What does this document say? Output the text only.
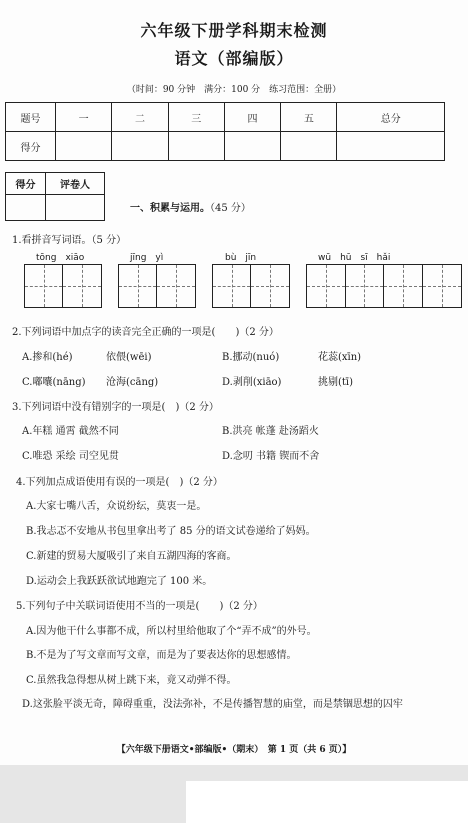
六年级下册学科期末检测
语文（部编版）
（时间：90 分钟　满分：100 分　练习范围：全册）
题号	一	二	三	四	五	总分
得分						
得分	评卷人

一、积累与运用。（45 分）
1.看拼音写词语。（5 分）
tōng　xiāo	jīng　yì	bù　jīn	wū　hū　sī　hǎi
2.下列词语中加点字的读音完全正确的一项是(　　)（2 分）
A.掺和(hé)	依偎(wēi)	B.挪动(nuó)	花蕊(xīn)
C.嘟囔(nāng) 沧海(cāng)	D.剥削(xiāo)	挑剔(tī)
3.下列词语中没有错别字的一项是(　)（2 分）
A.年糕 通霄 截然不同	B.洪亮 帐蓬 赴汤蹈火
C.唯恐 采绘 司空见贯	D.念叨 书籍 锲而不舍
4.下列加点成语使用有误的一项是(　)（2 分）
A.大家七嘴八舌，众说纷纭，莫衷一是。
B.我忐忑不安地从书包里拿出考了 85 分的语文试卷递给了妈妈。
C.新建的贸易大厦吸引了来自五湖四海的客商。
D.运动会上我跃跃欲试地跑完了 100 米。
5.下列句子中关联词语使用不当的一项是(　　)（2 分）
A.因为他干什么事都不成，所以村里给他取了个“弄不成”的外号。
B.不是为了写文章而写文章，而是为了要表达你的思想感情。
C.虽然我急得想从树上跳下来，竟又动弹不得。
D.这张脸平淡无奇，障碍重重，没法弥补，不是传播智慧的庙堂，而是禁锢思想的囚牢
【六年级下册语文•部编版•（期末）　第 1 页（共 6 页）】
